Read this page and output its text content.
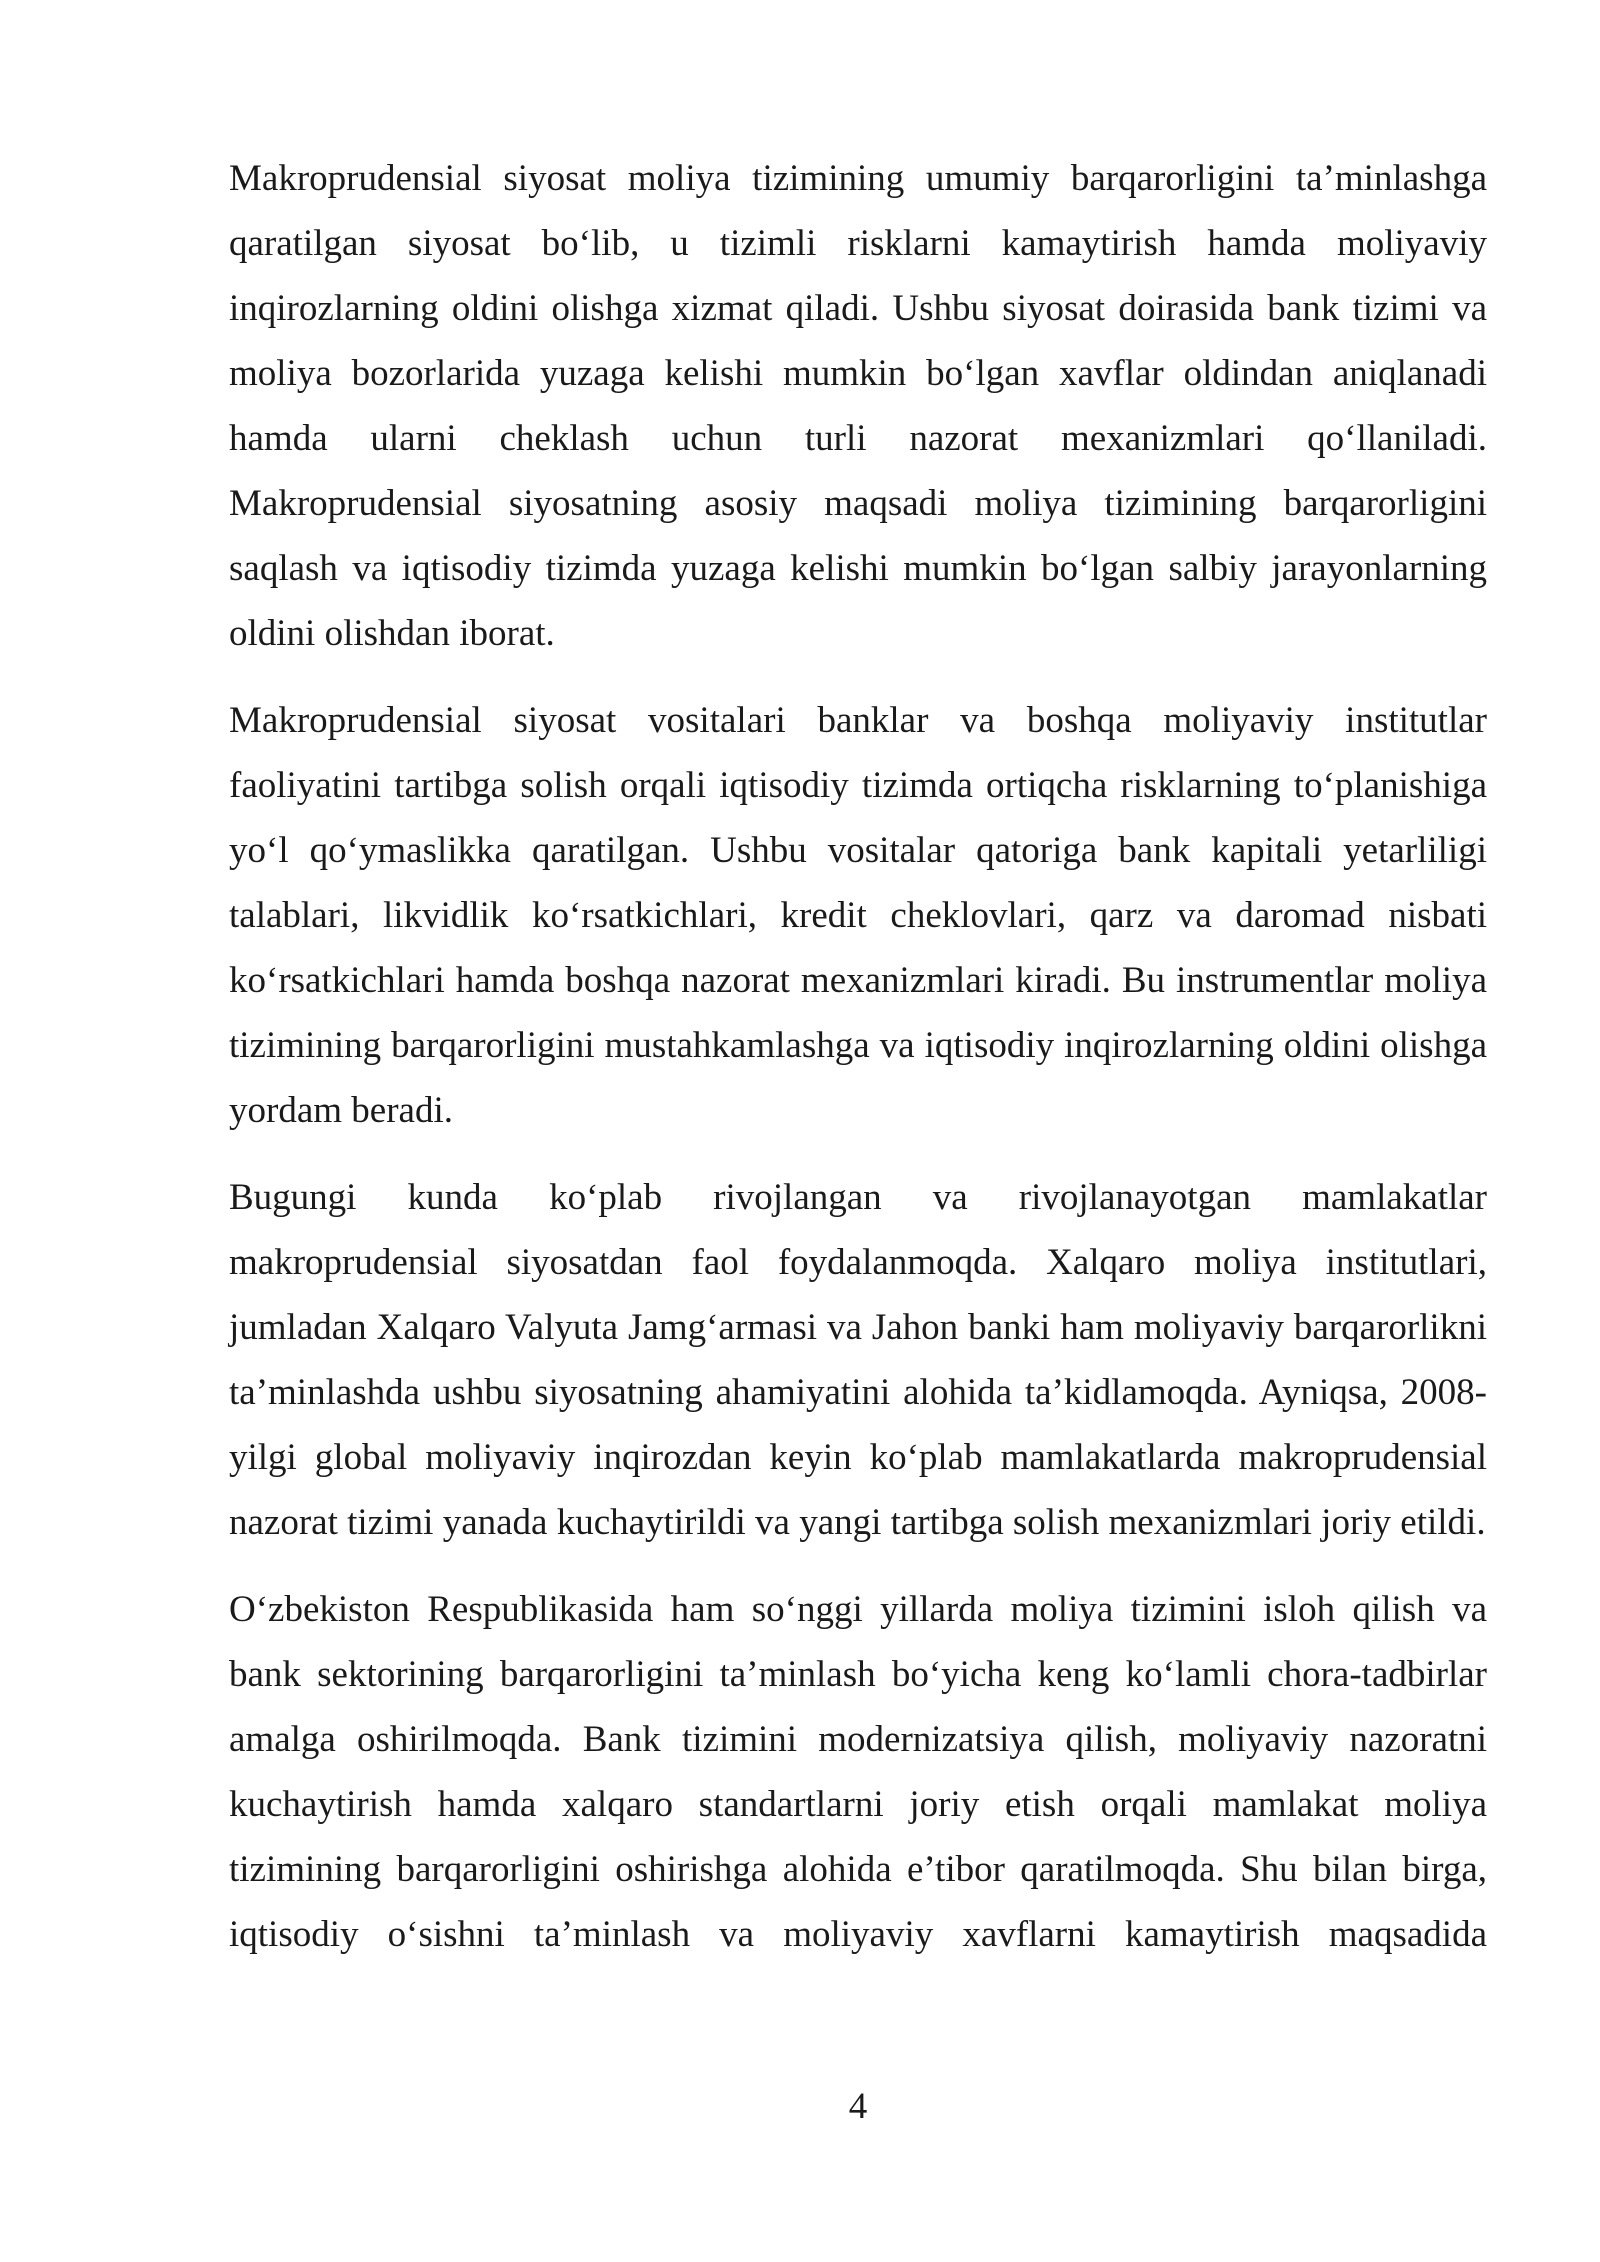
Makroprudensial siyosat moliya tizimining umumiy barqarorligini ta’minlashga qaratilgan siyosat bo‘lib, u tizimli risklarni kamaytirish hamda moliyaviy inqirozlarning oldini olishga xizmat qiladi. Ushbu siyosat doirasida bank tizimi va moliya bozorlarida yuzaga kelishi mumkin bo‘lgan xavflar oldindan aniqlanadi hamda ularni cheklash uchun turli nazorat mexanizmlari qo‘llaniladi. Makroprudensial siyosatning asosiy maqsadi moliya tizimining barqarorligini saqlash va iqtisodiy tizimda yuzaga kelishi mumkin bo‘lgan salbiy jarayonlarning oldini olishdan iborat.

Makroprudensial siyosat vositalari banklar va boshqa moliyaviy institutlar faoliyatini tartibga solish orqali iqtisodiy tizimda ortiqcha risklarning to‘planishiga yo‘l qo‘ymaslikka qaratilgan. Ushbu vositalar qatoriga bank kapitali yetarliligi talablari, likvidlik ko‘rsatkichlari, kredit cheklovlari, qarz va daromad nisbati ko‘rsatkichlari hamda boshqa nazorat mexanizmlari kiradi. Bu instrumentlar moliya tizimining barqarorligini mustahkamlashga va iqtisodiy inqirozlarning oldini olishga yordam beradi.

Bugungi kunda ko‘plab rivojlangan va rivojlanayotgan mamlakatlar makroprudensial siyosatdan faol foydalanmoqda. Xalqaro moliya institutlari, jumladan Xalqaro Valyuta Jamg‘armasi va Jahon banki ham moliyaviy barqarorlikni ta’minlashda ushbu siyosatning ahamiyatini alohida ta’kidlamoqda. Ayniqsa, 2008-yilgi global moliyaviy inqirozdan keyin ko‘plab mamlakatlarda makroprudensial nazorat tizimi yanada kuchaytirildi va yangi tartibga solish mexanizmlari joriy etildi.

O‘zbekiston Respublikasida ham so‘nggi yillarda moliya tizimini isloh qilish va bank sektorining barqarorligini ta’minlash bo‘yicha keng ko‘lamli chora-tadbirlar amalga oshirilmoqda. Bank tizimini modernizatsiya qilish, moliyaviy nazoratni kuchaytirish hamda xalqaro standartlarni joriy etish orqali mamlakat moliya tizimining barqarorligini oshirishga alohida e’tibor qaratilmoqda. Shu bilan birga, iqtisodiy o‘sishni ta’minlash va moliyaviy xavflarni kamaytirish maqsadida

4
